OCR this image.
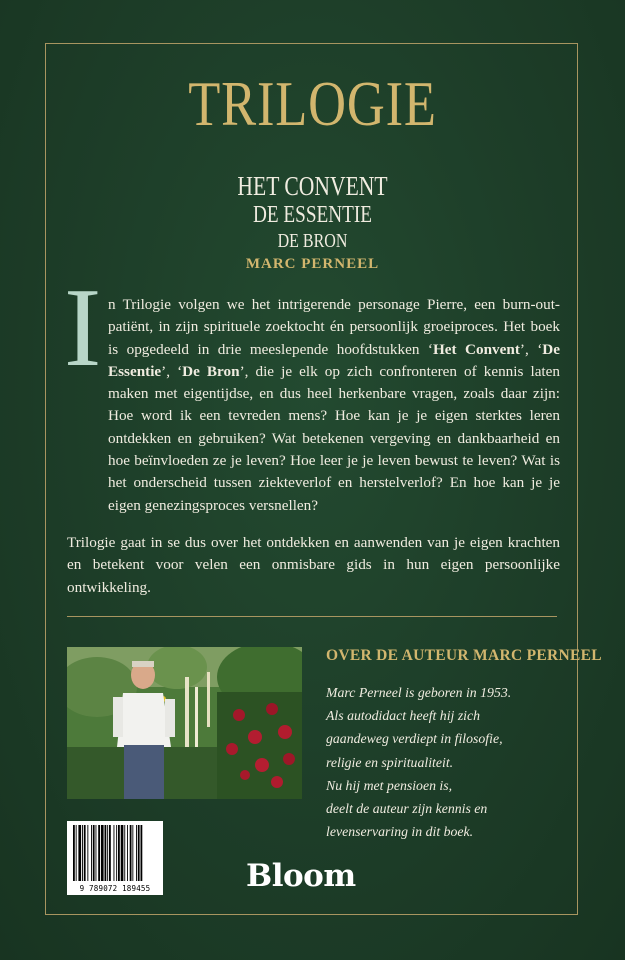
TRILOGIE
HET CONVENT
DE ESSENTIE
DE BRON
MARC PERNEEL
I n Trilogie volgen we het intrigerende personage Pierre, een burn-out-patiënt, in zijn spirituele zoektocht én persoonlijk groeiproces. Het boek is opgedeeld in drie meeslepende hoofdstukken ‘Het Convent’, ‘De Essentie’, ‘De Bron’, die je elk op zich confronteren of kennis laten maken met eigentijdse, en dus heel herkenbare vragen, zoals daar zijn: Hoe word ik een tevreden mens? Hoe kan je je eigen sterktes leren ontdekken en gebruiken? Wat betekenen vergeving en dankbaarheid en hoe beïnvloeden ze je leven? Hoe leer je je leven bewust te leven? Wat is het onderscheid tussen ziekteverlof en herstelverlof? En hoe kan je je eigen genezingsproces versnellen?

Trilogie gaat in se dus over het ontdekken en aanwenden van je eigen krachten en betekent voor velen een onmisbare gids in hun eigen persoonlijke ontwikkeling.

OVER DE AUTEUR MARC PERNEEL
Marc Perneel is geboren in 1953.
Als autodidact heeft hij zich
gaandeweg verdiept in filosofie,
religie en spiritualiteit.
Nu hij met pensioen is,
deelt de auteur zijn kennis en
levenservaring in dit boek.
9 789072 189455	Bloom
